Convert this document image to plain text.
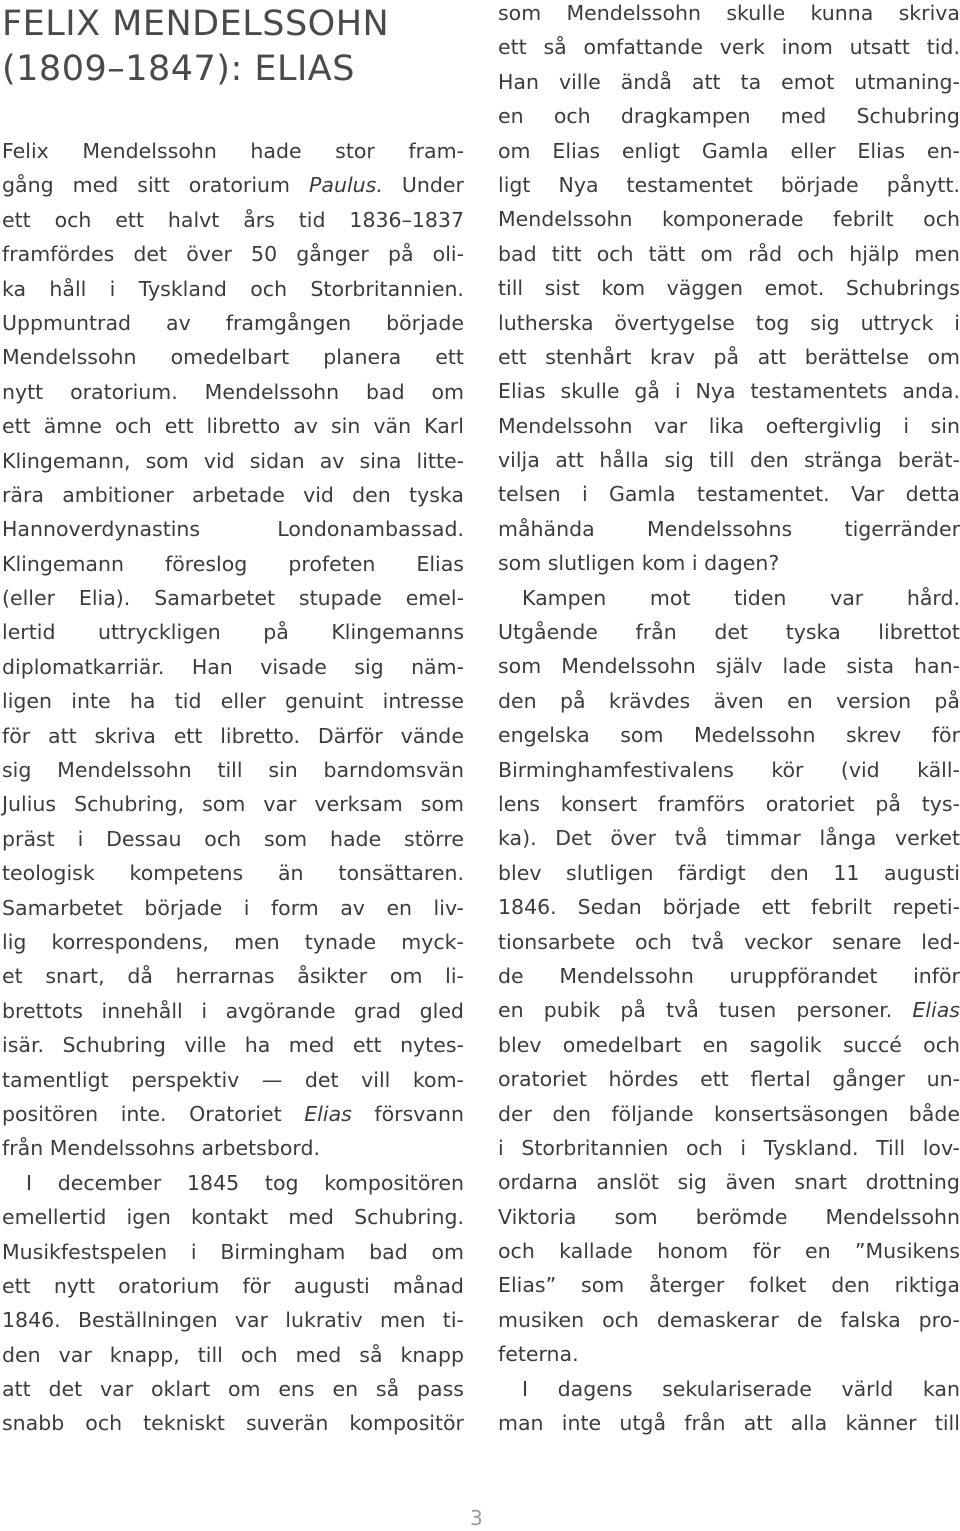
FELIX MENDELSSOHN
(1809–1847): ELIAS
Felix Mendelssohn hade stor fram-
gång med sitt oratorium Paulus. Under
ett och ett halvt års tid 1836–1837
framfördes det över 50 gånger på oli-
ka håll i Tyskland och Storbritannien.
Uppmuntrad av framgången började
Mendelssohn omedelbart planera ett
nytt oratorium. Mendelssohn bad om
ett ämne och ett libretto av sin vän Karl
Klingemann, som vid sidan av sina litte-
rära ambitioner arbetade vid den tyska
Hannoverdynastins	Londonambassad.
Klingemann föreslog profeten Elias
(eller Elia). Samarbetet stupade emel-
lertid uttryckligen på Klingemanns
diplomatkarriär. Han visade sig näm-
ligen inte ha tid eller genuint intresse
för att skriva ett libretto. Därför vände
sig Mendelssohn till sin barndomsvän
Julius Schubring, som var verksam som
präst i Dessau och som hade större
teologisk kompetens än tonsättaren.
Samarbetet började i form av en liv-
lig korrespondens, men tynade myck-
et snart, då herrarnas åsikter om li-
brettots innehåll i avgörande grad gled
isär. Schubring ville ha med ett nytes-
tamentligt perspektiv — det vill kom-
positören inte. Oratoriet Elias försvann
från Mendelssohns arbetsbord.
I december 1845 tog kompositören
emellertid igen kontakt med Schubring.
Musikfestspelen i Birmingham bad om
ett nytt oratorium för augusti månad
1846. Beställningen var lukrativ men ti-
den var knapp, till och med så knapp
att det var oklart om ens en så pass
snabb och tekniskt suverän kompositör
som Mendelssohn skulle kunna skriva
ett så omfattande verk inom utsatt tid.
Han ville ändå att ta emot utmaning-
en och dragkampen med Schubring
om Elias enligt Gamla eller Elias en-
ligt Nya testamentet började pånytt.
Mendelssohn komponerade febrilt och
bad titt och tätt om råd och hjälp men
till sist kom väggen emot. Schubrings
lutherska övertygelse tog sig uttryck i
ett stenhårt krav på att berättelse om
Elias skulle gå i Nya testamentets anda.
Mendelssohn var lika oeftergivlig i sin
vilja att hålla sig till den stränga berät-
telsen i Gamla testamentet. Var detta
måhända	Mendelssohns	tigerränder
som slutligen kom i dagen?
Kampen mot tiden var hård.
Utgående från det tyska librettot
som Mendelssohn själv lade sista han-
den på krävdes även en version på
engelska som Medelssohn skrev för
Birminghamfestivalens kör (vid käll-
lens konsert framförs oratoriet på tys-
ka). Det över två timmar långa verket
blev slutligen färdigt den 11 augusti
1846. Sedan började ett febrilt repeti-
tionsarbete och två veckor senare led-
de Mendelssohn uruppförandet inför
en pubik på två tusen personer. Elias
blev omedelbart en sagolik succé och
oratoriet hördes ett flertal gånger un-
der den följande konsertsäsongen både
i Storbritannien och i Tyskland. Till lov-
ordarna anslöt sig även snart drottning
Viktoria som berömde Mendelssohn
och kallade honom för en ”Musikens
Elias” som återger folket den riktiga
musiken och demaskerar de falska pro-
feterna.
I dagens sekulariserade värld kan
man inte utgå från att alla känner till
3
